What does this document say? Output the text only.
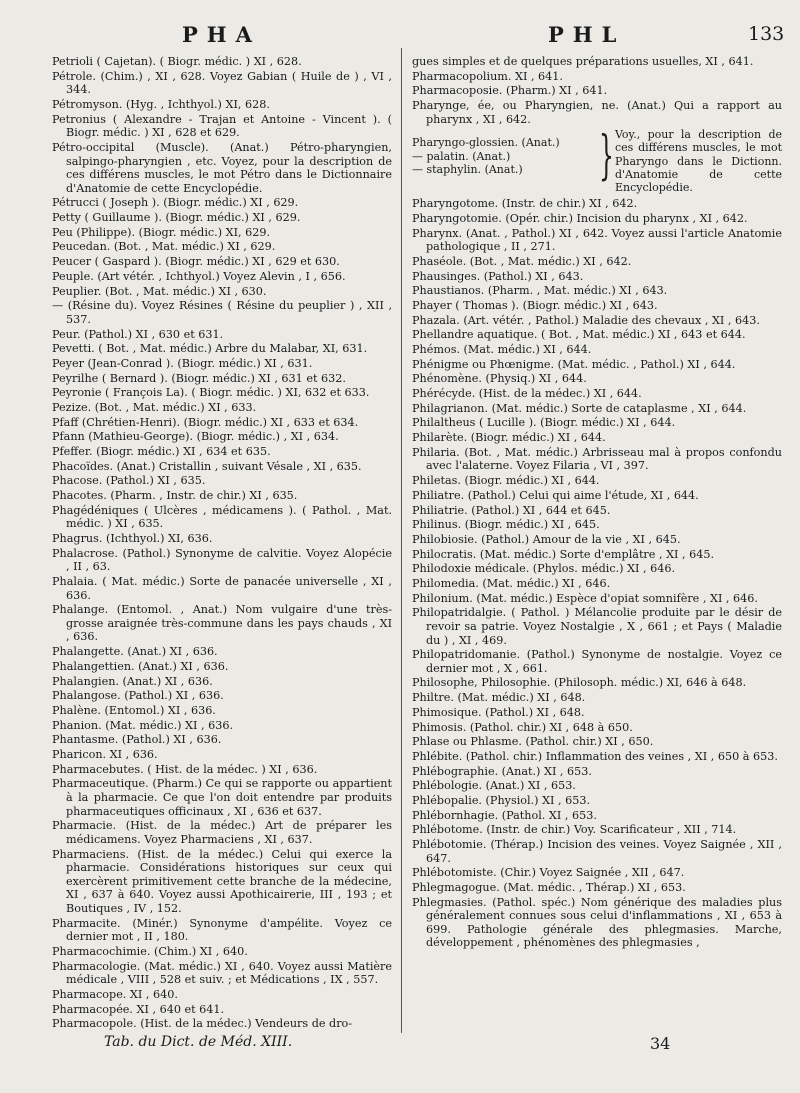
PHA	PHL	133
Petrioli ( Cajetan). ( Biogr. médic. ) XI , 628.
Pétrole. (Chim.) , XI , 628. Voyez Gabian ( Huile de ) , VI , 344.
Pétromyson. (Hyg. , Ichthyol.) XI, 628.
Petronius ( Alexandre - Trajan et Antoine - Vincent ). ( Biogr. médic. ) XI , 628 et 629.
Pétro-occipital (Muscle). (Anat.) Pétro-pharyngien, salpingo-pharyngien , etc. Voyez, pour la description de ces différens muscles, le mot Pétro dans le Dictionnaire d'Anatomie de cette Encyclopédie.
Pétrucci ( Joseph ). (Biogr. médic.) XI , 629.
Petty ( Guillaume ). (Biogr. médic.) XI , 629.
Peu (Philippe). (Biogr. médic.) XI, 629.
Peucedan. (Bot. , Mat. médic.) XI , 629.
Peucer ( Gaspard ). (Biogr. médic.) XI , 629 et 630.
Peuple. (Art vétér. , Ichthyol.) Voyez Alevin , I , 656.
Peuplier. (Bot. , Mat. médic.) XI , 630.
— (Résine du). Voyez Résines ( Résine du peuplier ) , XII , 537.
Peur. (Pathol.) XI , 630 et 631.
Pevetti. ( Bot. , Mat. médic.) Arbre du Malabar, XI, 631.
Peyer (Jean-Conrad ). (Biogr. médic.) XI , 631.
Peyrilhe ( Bernard ). (Biogr. médic.) XI , 631 et 632.
Peyronie ( François La). ( Biogr. médic. ) XI, 632 et 633.
Pezize. (Bot. , Mat. médic.) XI , 633.
Pfaff (Chrétien-Henri). (Biogr. médic.) XI , 633 et 634.
Pfann (Mathieu-George). (Biogr. médic.) , XI , 634.
Pfeffer. (Biogr. médic.) XI , 634 et 635.
Phacoïdes. (Anat.) Cristallin , suivant Vésale , XI , 635.
Phacose. (Pathol.) XI , 635.
Phacotes. (Pharm. , Instr. de chir.) XI , 635.
Phagédéniques ( Ulcères , médicamens ). ( Pathol. , Mat. médic. ) XI , 635.
Phagrus. (Ichthyol.) XI, 636.
Phalacrose. (Pathol.) Synonyme de calvitie. Voyez Alopécie , II , 63.
Phalaia. ( Mat. médic.) Sorte de panacée universelle , XI , 636.
Phalange. (Entomol. , Anat.) Nom vulgaire d'une très-grosse araignée très-commune dans les pays chauds , XI , 636.
Phalangette. (Anat.) XI , 636.
Phalangettien. (Anat.) XI , 636.
Phalangien. (Anat.) XI , 636.
Phalangose. (Pathol.) XI , 636.
Phalène. (Entomol.) XI , 636.
Phanion. (Mat. médic.) XI , 636.
Phantasme. (Pathol.) XI , 636.
Pharicon. XI , 636.
Pharmacebutes. ( Hist. de la médec. ) XI , 636.
Pharmaceutique. (Pharm.) Ce qui se rapporte ou appartient à la pharmacie. Ce que l'on doit entendre par produits pharmaceutiques officinaux , XI , 636 et 637.
Pharmacie. (Hist. de la médec.) Art de préparer les médicamens. Voyez Pharmaciens , XI , 637.
Pharmaciens. (Hist. de la médec.) Celui qui exerce la pharmacie. Considérations historiques sur ceux qui exercèrent primitivement cette branche de la médecine, XI , 637 à 640. Voyez aussi Apothicairerie, III , 193 ; et Boutiques , IV , 152.
Pharmacite. (Minér.) Synonyme d'ampélite. Voyez ce dernier mot , II , 180.
Pharmacochimie. (Chim.) XI , 640.
Pharmacologie. (Mat. médic.) XI , 640. Voyez aussi Matière médicale , VIII , 528 et suiv. ; et Médications , IX , 557.
Pharmacope. XI , 640.
Pharmacopée. XI , 640 et 641.
Pharmacopole. (Hist. de la médec.) Vendeurs de dro-
gues simples et de quelques préparations usuelles, XI , 641.
Pharmacopolium. XI , 641.
Pharmacoposie. (Pharm.) XI , 641.
Pharynge, ée, ou Pharyngien, ne. (Anat.) Qui a rapport au pharynx , XI , 642.
Pharyngo-glossien. (Anat.)
— palatin. (Anat.)
— staphylin. (Anat.)	} Voy., pour la description de ces différens muscles, le mot Pharyngo dans le Dictionn. d'Anatomie de cette Encyclopédie.
Pharyngotome. (Instr. de chir.) XI , 642.
Pharyngotomie. (Opér. chir.) Incision du pharynx , XI , 642.
Pharynx. (Anat. , Pathol.) XI , 642. Voyez aussi l'article Anatomie pathologique , II , 271.
Phaséole. (Bot. , Mat. médic.) XI , 642.
Phausinges. (Pathol.) XI , 643.
Phaustianos. (Pharm. , Mat. médic.) XI , 643.
Phayer ( Thomas ). (Biogr. médic.) XI , 643.
Phazala. (Art. vétér. , Pathol.) Maladie des chevaux , XI , 643.
Phellandre aquatique. ( Bot. , Mat. médic.) XI , 643 et 644.
Phémos. (Mat. médic.) XI , 644.
Phénigme ou Phœnigme. (Mat. médic. , Pathol.) XI , 644.
Phénomène. (Physiq.) XI , 644.
Phérécyde. (Hist. de la médec.) XI , 644.
Philagrianon. (Mat. médic.) Sorte de cataplasme , XI , 644.
Philaltheus ( Lucille ). (Biogr. médic.) XI , 644.
Philarète. (Biogr. médic.) XI , 644.
Philaria. (Bot. , Mat. médic.) Arbrisseau mal à propos confondu avec l'alaterne. Voyez Filaria , VI , 397.
Philetas. (Biogr. médic.) XI , 644.
Philiatre. (Pathol.) Celui qui aime l'étude, XI , 644.
Philiatrie. (Pathol.) XI , 644 et 645.
Philinus. (Biogr. médic.) XI , 645.
Philobiosie. (Pathol.) Amour de la vie , XI , 645.
Philocratis. (Mat. médic.) Sorte d'emplâtre , XI , 645.
Philodoxie médicale. (Phylos. médic.) XI , 646.
Philomedia. (Mat. médic.) XI , 646.
Philonium. (Mat. médic.) Espèce d'opiat somnifère , XI , 646.
Philopatridalgie. ( Pathol. ) Mélancolie produite par le désir de revoir sa patrie. Voyez Nostalgie , X , 661 ; et Pays ( Maladie du ) , XI , 469.
Philopatridomanie. (Pathol.) Synonyme de nostalgie. Voyez ce dernier mot , X , 661.
Philosophe, Philosophie. (Philosoph. médic.) XI, 646 à 648.
Philtre. (Mat. médic.) XI , 648.
Phimosique. (Pathol.) XI , 648.
Phimosis. (Pathol. chir.) XI , 648 à 650.
Phlase ou Phlasme. (Pathol. chir.) XI , 650.
Phlébite. (Pathol. chir.) Inflammation des veines , XI , 650 à 653.
Phlébographie. (Anat.) XI , 653.
Phlébologie. (Anat.) XI , 653.
Phlébopalie. (Physiol.) XI , 653.
Phlébornhagie. (Pathol. XI , 653.
Phlébotome. (Instr. de chir.) Voy. Scarificateur , XII , 714.
Phlébotomie. (Thérap.) Incision des veines. Voyez Saignée , XII , 647.
Phlébotomiste. (Chir.) Voyez Saignée , XII , 647.
Phlegmagogue. (Mat. médic. , Thérap.) XI , 653.
Phlegmasies. (Pathol. spéc.) Nom générique des maladies plus généralement connues sous celui d'inflammations , XI , 653 à 699. Pathologie générale des phlegmasies. Marche, développement , phénomènes des phlegmasies ,
Tab. du Dict. de Méd. XIII.	34
